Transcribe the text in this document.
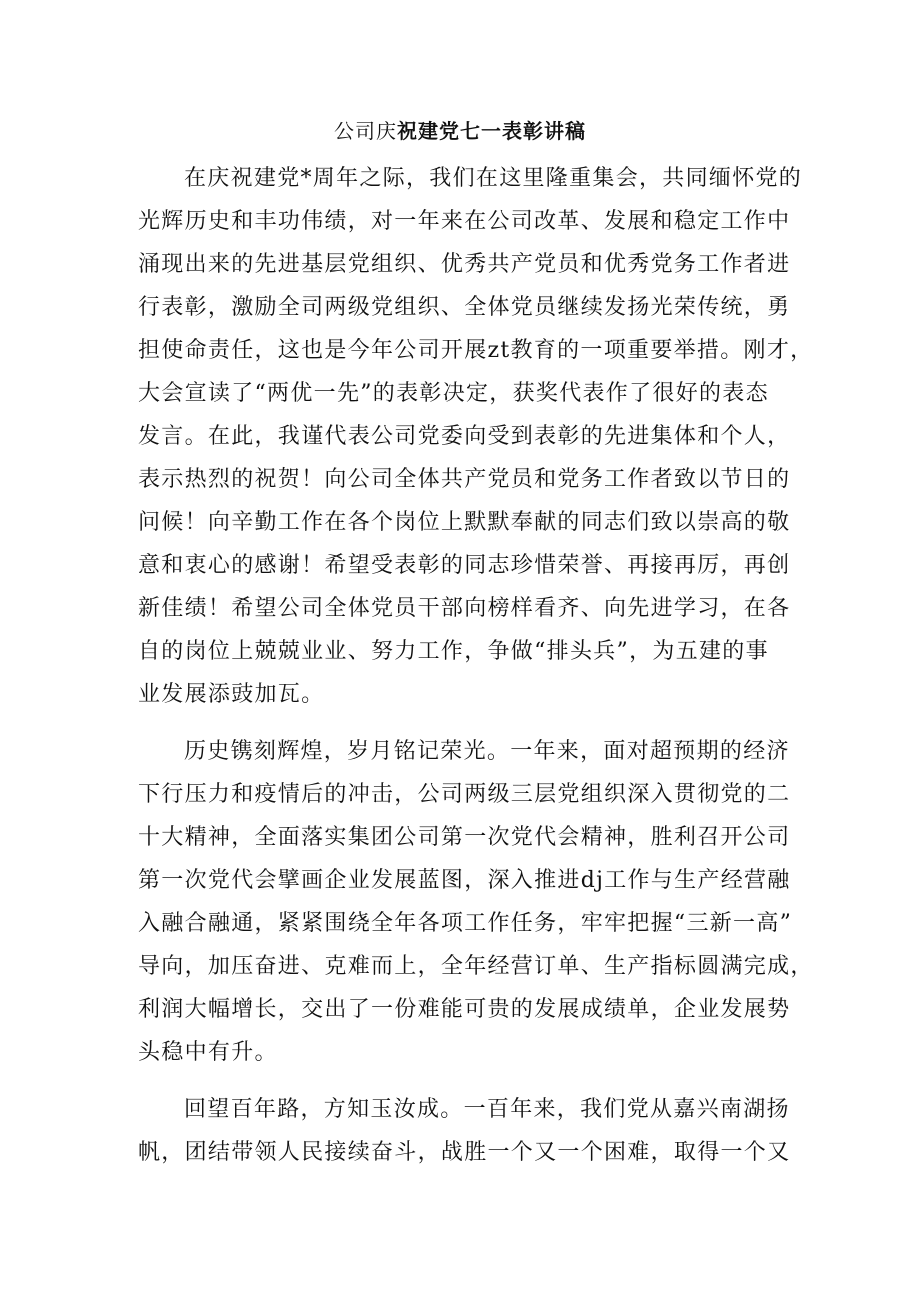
公司庆祝建党七一表彰讲稿
在庆祝建党*周年之际，我们在这里隆重集会，共同缅怀党的
光辉历史和丰功伟绩，对一年来在公司改革、发展和稳定工作中
涌现出来的先进基层党组织、优秀共产党员和优秀党务工作者进
行表彰，激励全司两级党组织、全体党员继续发扬光荣传统，勇
担使命责任，这也是今年公司开展zt教育的一项重要举措。刚才，
大会宣读了“两优一先”的表彰决定，获奖代表作了很好的表态
发言。在此，我谨代表公司党委向受到表彰的先进集体和个人，
表示热烈的祝贺！向公司全体共产党员和党务工作者致以节日的
问候！向辛勤工作在各个岗位上默默奉献的同志们致以崇高的敬
意和衷心的感谢！希望受表彰的同志珍惜荣誉、再接再厉，再创
新佳绩！希望公司全体党员干部向榜样看齐、向先进学习，在各
自的岗位上兢兢业业、努力工作，争做“排头兵”，为五建的事
业发展添豉加瓦。
历史镌刻辉煌，岁月铭记荣光。一年来，面对超预期的经济
下行压力和疫情后的冲击，公司两级三层党组织深入贯彻党的二
十大精神，全面落实集团公司第一次党代会精神，胜利召开公司
第一次党代会擘画企业发展蓝图，深入推进dj工作与生产经营融
入融合融通，紧紧围绕全年各项工作任务，牢牢把握“三新一高”
导向，加压奋进、克难而上，全年经营订单、生产指标圆满完成，
利润大幅增长，交出了一份难能可贵的发展成绩单，企业发展势
头稳中有升。
回望百年路，方知玉汝成。一百年来，我们党从嘉兴南湖扬
帆，团结带领人民接续奋斗，战胜一个又一个困难，取得一个又
